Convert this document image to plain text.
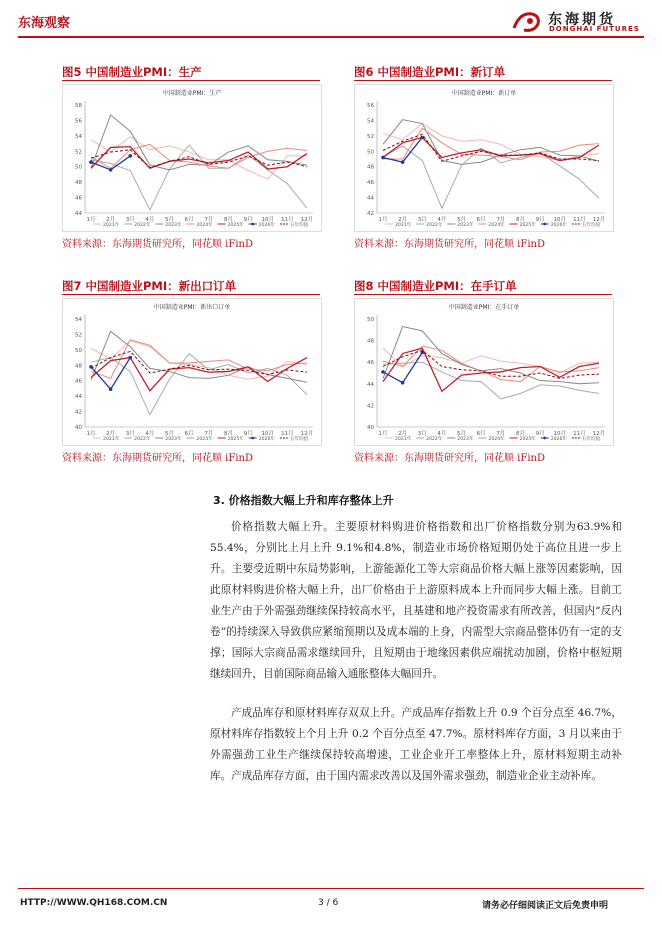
东海观察	东海期货
DONGHAI FUTURES
图5 中国制造业PMI：生产	图6 中国制造业PMI：新订单
图7 中国制造业PMI：新出口订单	图8 中国制造业PMI：在手订单
中国制造业PMI：生产
44
46
48
50
52
54
56
58
1月 2月 3月 4月 5月 6月 7月 8月 9月 10月 11月 12月
2021年	2022年	2023年	2024年	2025年	2026年	五年均值
中国制造业PMI：新订单
42
44
46
48
50
52
54
56
1月 2月 3月 4月 5月 6月 7月 8月 9月 10月 11月 12月
2021年	2022年	2023年	2024年	2025年	2026年	五年均值
中国制造业PMI：新出口订单
40
42
44
46
48
50
52
54
1月 2月 3月 4月 5月 6月 7月 8月 9月 10月 11月 12月
2021年	2022年	2023年	2024年	2025年	2026年	五年均值
中国制造业PMI：在手订单
40
42
44
46
48
50
1月 2月 3月 4月 5月 6月 7月 8月 9月 10月 11月 12月
2021年	2022年	2023年	2024年	2025年	2026年	五年均值
资料来源：东海期货研究所，同花顺 iFinD	资料来源：东海期货研究所，同花顺 iFinD
资料来源：东海期货研究所，同花顺 iFinD	资料来源：东海期货研究所，同花顺 iFinD
3. 价格指数大幅上升和库存整体上升

价格指数大幅上升。主要原材料购进价格指数和出厂价格指数分别为63.9%和55.4%，分别比上月上升 9.1%和4.8%，制造业市场价格短期仍处于高位且进一步上升。主要受近期中东局势影响，上游能源化工等大宗商品价格大幅上涨等因素影响，因此原材料购进价格大幅上升，出厂价格由于上游原料成本上升而同步大幅上涨。目前工业生产由于外需强劲继续保持较高水平，且基建和地产投资需求有所改善，但国内“反内卷”的持续深入导致供应紧缩预期以及成本端的上身，内需型大宗商品整体仍有一定的支撑；国际大宗商品需求继续回升，且短期由于地缘因素供应端扰动加剧，价格中枢短期继续回升，目前国际商品输入通胀整体大幅回升。

产成品库存和原材料库存双双上升。产成品库存指数上升 0.9 个百分点至 46.7%，原材料库存指数较上个月上升 0.2 个百分点至 47.7%。原材料库存方面，3 月以来由于外需强劲工业生产继续保持较高增速，工业企业开工率整体上升，原材料短期主动补库。产成品库存方面，由于国内需求改善以及国外需求强劲，制造业企业主动补库。

HTTP://WWW.QH168.COM.CN	3 / 6	请务必仔细阅读正文后免责申明
